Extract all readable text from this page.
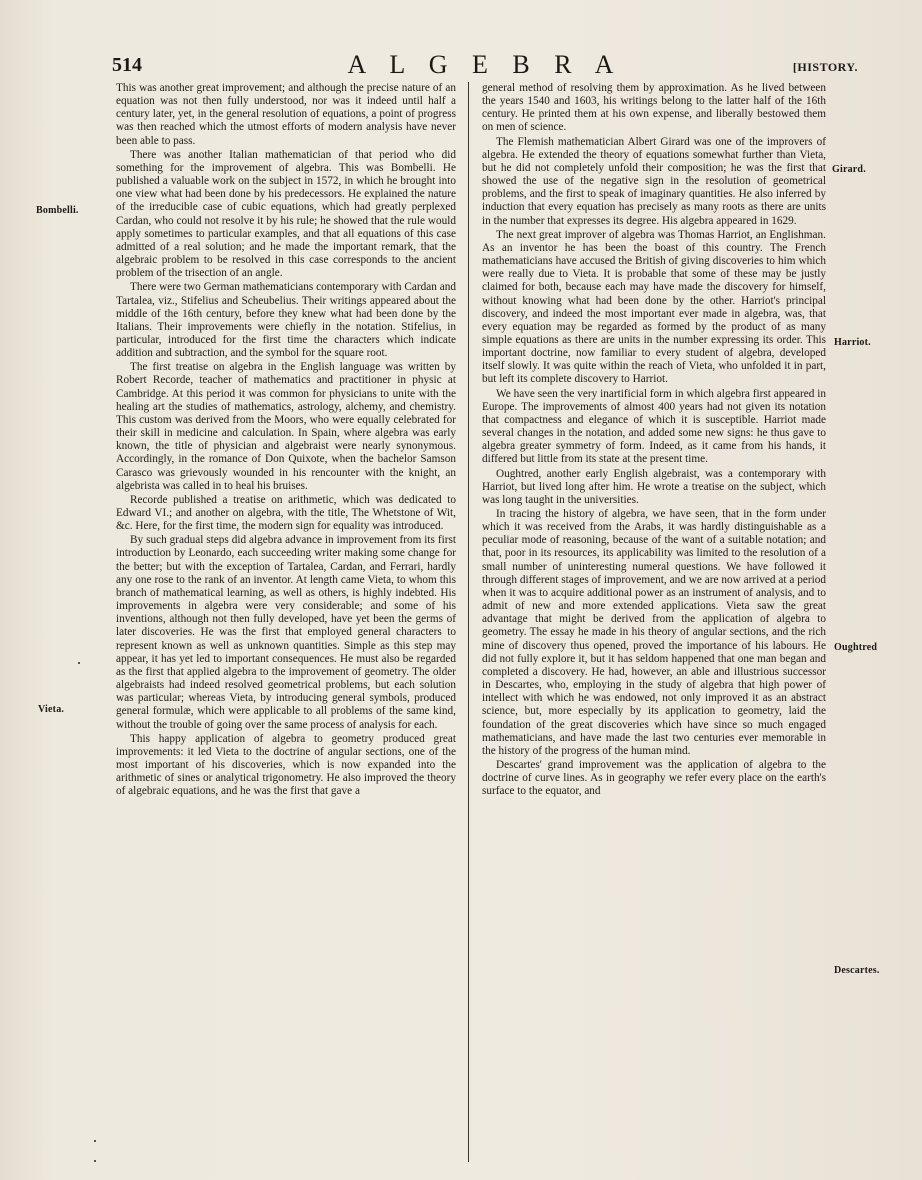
514	A L G E B R A	[HISTORY.
Bombelli.
Vieta.
Girard.
Harriot.
Oughtred
Descartes.

This was another great improvement; and although the precise nature of an equation was not then fully understood, nor was it indeed until half a century later, yet, in the general resolution of equations, a point of progress was then reached which the utmost efforts of modern analysis have never been able to pass.

There was another Italian mathematician of that period who did something for the improvement of algebra. This was Bombelli. He published a valuable work on the subject in 1572, in which he brought into one view what had been done by his predecessors. He explained the nature of the irreducible case of cubic equations, which had greatly perplexed Cardan, who could not resolve it by his rule; he showed that the rule would apply sometimes to particular examples, and that all equations of this case admitted of a real solution; and he made the important remark, that the algebraic problem to be resolved in this case corresponds to the ancient problem of the trisection of an angle.

There were two German mathematicians contemporary with Cardan and Tartalea, viz., Stifelius and Scheubelius. Their writings appeared about the middle of the 16th century, before they knew what had been done by the Italians. Their improvements were chiefly in the notation. Stifelius, in particular, introduced for the first time the characters which indicate addition and subtraction, and the symbol for the square root.

The first treatise on algebra in the English language was written by Robert Recorde, teacher of mathematics and practitioner in physic at Cambridge. At this period it was common for physicians to unite with the healing art the studies of mathematics, astrology, alchemy, and chemistry. This custom was derived from the Moors, who were equally celebrated for their skill in medicine and calculation. In Spain, where algebra was early known, the title of physician and algebraist were nearly synonymous. Accordingly, in the romance of Don Quixote, when the bachelor Samson Carasco was grievously wounded in his rencounter with the knight, an algebrista was called in to heal his bruises.

Recorde published a treatise on arithmetic, which was dedicated to Edward VI.; and another on algebra, with the title, The Whetstone of Wit, &c. Here, for the first time, the modern sign for equality was introduced.

By such gradual steps did algebra advance in improvement from its first introduction by Leonardo, each succeeding writer making some change for the better; but with the exception of Tartalea, Cardan, and Ferrari, hardly any one rose to the rank of an inventor. At length came Vieta, to whom this branch of mathematical learning, as well as others, is highly indebted. His improvements in algebra were very considerable; and some of his inventions, although not then fully developed, have yet been the germs of later discoveries. He was the first that employed general characters to represent known as well as unknown quantities. Simple as this step may appear, it has yet led to important consequences. He must also be regarded as the first that applied algebra to the improvement of geometry. The older algebraists had indeed resolved geometrical problems, but each solution was particular; whereas Vieta, by introducing general symbols, produced general formulæ, which were applicable to all problems of the same kind, without the trouble of going over the same process of analysis for each.

This happy application of algebra to geometry produced great improvements: it led Vieta to the doctrine of angular sections, one of the most important of his discoveries, which is now expanded into the arithmetic of sines or analytical trigonometry. He also improved the theory of algebraic equations, and he was the first that gave a

general method of resolving them by approximation. As he lived between the years 1540 and 1603, his writings belong to the latter half of the 16th century. He printed them at his own expense, and liberally bestowed them on men of science.

The Flemish mathematician Albert Girard was one of the improvers of algebra. He extended the theory of equations somewhat further than Vieta, but he did not completely unfold their composition; he was the first that showed the use of the negative sign in the resolution of geometrical problems, and the first to speak of imaginary quantities. He also inferred by induction that every equation has precisely as many roots as there are units in the number that expresses its degree. His algebra appeared in 1629.

The next great improver of algebra was Thomas Harriot, an Englishman. As an inventor he has been the boast of this country. The French mathematicians have accused the British of giving discoveries to him which were really due to Vieta. It is probable that some of these may be justly claimed for both, because each may have made the discovery for himself, without knowing what had been done by the other. Harriot's principal discovery, and indeed the most important ever made in algebra, was, that every equation may be regarded as formed by the product of as many simple equations as there are units in the number expressing its order. This important doctrine, now familiar to every student of algebra, developed itself slowly. It was quite within the reach of Vieta, who unfolded it in part, but left its complete discovery to Harriot.

We have seen the very inartificial form in which algebra first appeared in Europe. The improvements of almost 400 years had not given its notation that compactness and elegance of which it is susceptible. Harriot made several changes in the notation, and added some new signs: he thus gave to algebra greater symmetry of form. Indeed, as it came from his hands, it differed but little from its state at the present time.

Oughtred, another early English algebraist, was a contemporary with Harriot, but lived long after him. He wrote a treatise on the subject, which was long taught in the universities.

In tracing the history of algebra, we have seen, that in the form under which it was received from the Arabs, it was hardly distinguishable as a peculiar mode of reasoning, because of the want of a suitable notation; and that, poor in its resources, its applicability was limited to the resolution of a small number of uninteresting numeral questions. We have followed it through different stages of improvement, and we are now arrived at a period when it was to acquire additional power as an instrument of analysis, and to admit of new and more extended applications. Vieta saw the great advantage that might be derived from the application of algebra to geometry. The essay he made in his theory of angular sections, and the rich mine of discovery thus opened, proved the importance of his labours. He did not fully explore it, but it has seldom happened that one man began and completed a discovery. He had, however, an able and illustrious successor in Descartes, who, employing in the study of algebra that high power of intellect with which he was endowed, not only improved it as an abstract science, but, more especially by its application to geometry, laid the foundation of the great discoveries which have since so much engaged mathematicians, and have made the last two centuries ever memorable in the history of the progress of the human mind.

Descartes' grand improvement was the application of algebra to the doctrine of curve lines. As in geography we refer every place on the earth's surface to the equator, and
